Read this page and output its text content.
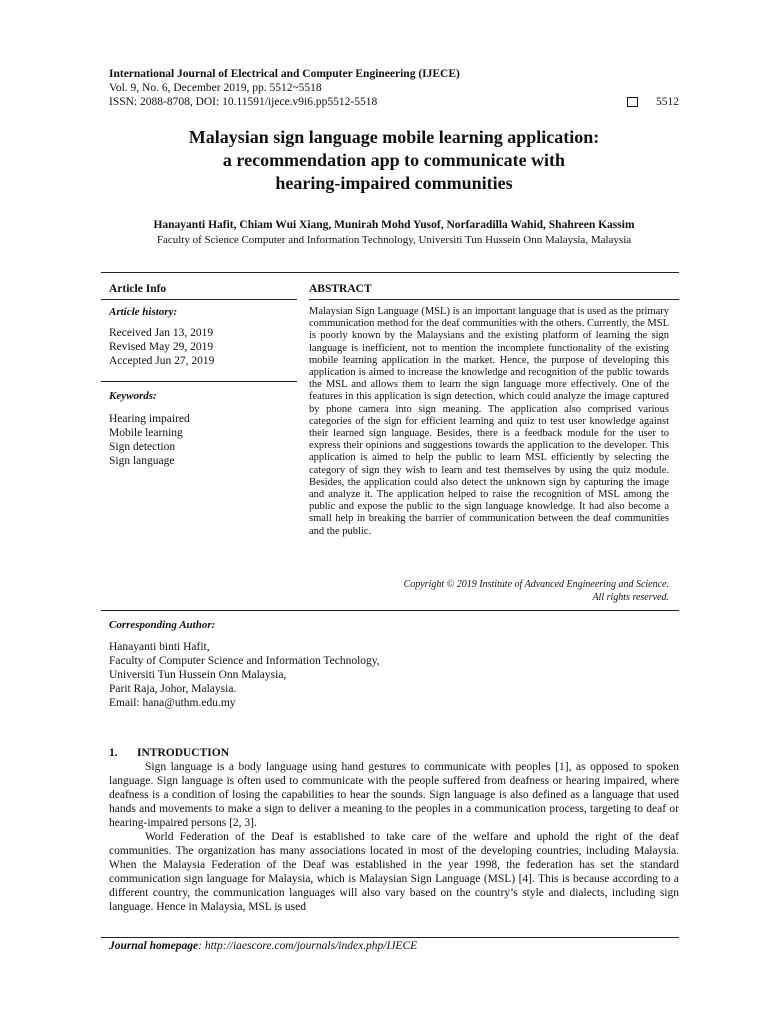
International Journal of Electrical and Computer Engineering (IJECE)
Vol. 9, No. 6, December 2019, pp. 5512~5518
ISSN: 2088-8708, DOI: 10.11591/ijece.v9i6.pp5512-5518	5512
Malaysian sign language mobile learning application:
a recommendation app to communicate with
hearing-impaired communities
Hanayanti Hafit, Chiam Wui Xiang, Munirah Mohd Yusof, Norfaradilla Wahid, Shahreen Kassim
Faculty of Science Computer and Information Technology, Universiti Tun Hussein Onn Malaysia, Malaysia
Article Info	ABSTRACT
Article history:
Received Jan 13, 2019
Revised May 29, 2019
Accepted Jun 27, 2019
Keywords:
Hearing impaired
Mobile learning
Sign detection
Sign language
Malaysian Sign Language (MSL) is an important language that is used as the primary communication method for the deaf communities with the others. Currently, the MSL is poorly known by the Malaysians and the existing platform of learning the sign language is inefficient, not to mention the incomplete functionality of the existing mobile learning application in the market. Hence, the purpose of developing this application is aimed to increase the knowledge and recognition of the public towards the MSL and allows them to learn the sign language more effectively. One of the features in this application is sign detection, which could analyze the image captured by phone camera into sign meaning. The application also comprised various categories of the sign for efficient learning and quiz to test user knowledge against their learned sign language. Besides, there is a feedback module for the user to express their opinions and suggestions towards the application to the developer. This application is aimed to help the public to learn MSL efficiently by selecting the category of sign they wish to learn and test themselves by using the quiz module. Besides, the application could also detect the unknown sign by capturing the image and analyze it. The application helped to raise the recognition of MSL among the public and expose the public to the sign language knowledge. It had also become a small help in breaking the barrier of communication between the deaf communities and the public.
Copyright © 2019 Institute of Advanced Engineering and Science.
All rights reserved.
Corresponding Author:
Hanayanti binti Hafit,
Faculty of Computer Science and Information Technology,
Universiti Tun Hussein Onn Malaysia,
Parit Raja, Johor, Malaysia.
Email: hana@uthm.edu.my
1. INTRODUCTION

Sign language is a body language using hand gestures to communicate with peoples [1], as opposed to spoken language. Sign language is often used to communicate with the people suffered from deafness or hearing impaired, where deafness is a condition of losing the capabilities to hear the sounds. Sign language is also defined as a language that used hands and movements to make a sign to deliver a meaning to the peoples in a communication process, targeting to deaf or hearing-impaired persons [2, 3].

World Federation of the Deaf is established to take care of the welfare and uphold the right of the deaf communities. The organization has many associations located in most of the developing countries, including Malaysia. When the Malaysia Federation of the Deaf was established in the year 1998, the federation has set the standard communication sign language for Malaysia, which is Malaysian Sign Language (MSL) [4]. This is because according to a different country, the communication languages will also vary based on the country’s style and dialects, including sign language. Hence in Malaysia, MSL is used

Journal homepage: http://iaescore.com/journals/index.php/IJECE
